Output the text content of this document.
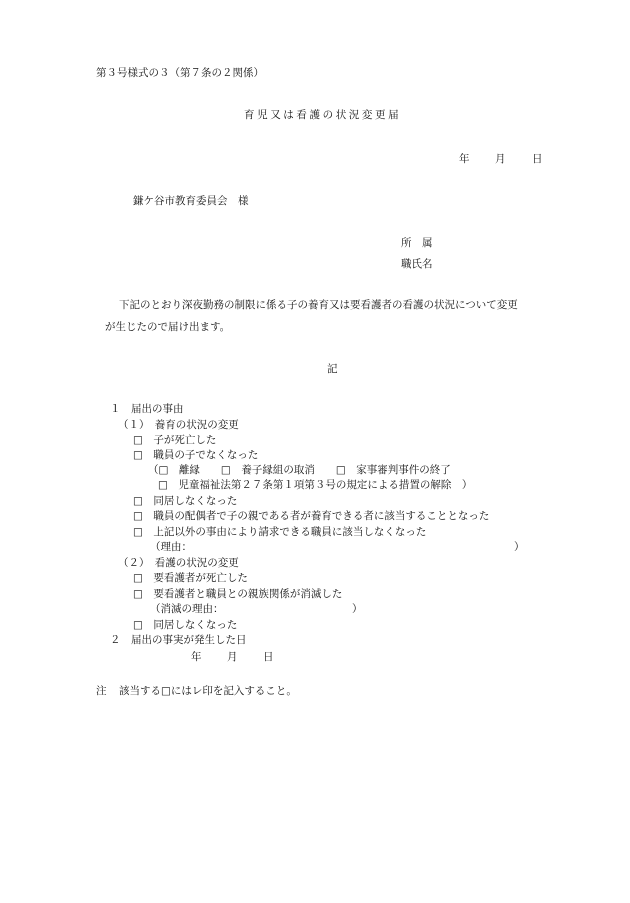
第３号様式の３（第７条の２関係）

育児又は看護の状況変更届

年 月	日

鎌ケ谷市教育委員会　様

所　属

職氏名

下記のとおり深夜勤務の制限に係る子の養育又は要看護者の看護の状況について変更

が生じたので届け出ます。

記

１　届出の事由

（１）　養育の状況の変更

□　子が死亡した

□　職員の子でなくなった

（□　離縁　　□　養子縁組の取消　　□　家事審判事件の終了

□　児童福祉法第２７条第１項第３号の規定による措置の解除　）

□　同居しなくなった

□　職員の配偶者で子の親である者が養育できる者に該当することとなった

□　上記以外の事由により請求できる職員に該当しなくなった

（理由：	）

（２）　看護の状況の変更

□　要看護者が死亡した

□　要看護者と職員との親族関係が消滅した

（消滅の理由：	）

□　同居しなくなった

２　届出の事実が発生した日

年 月 日
注 該当する□にはレ印を記入すること。
